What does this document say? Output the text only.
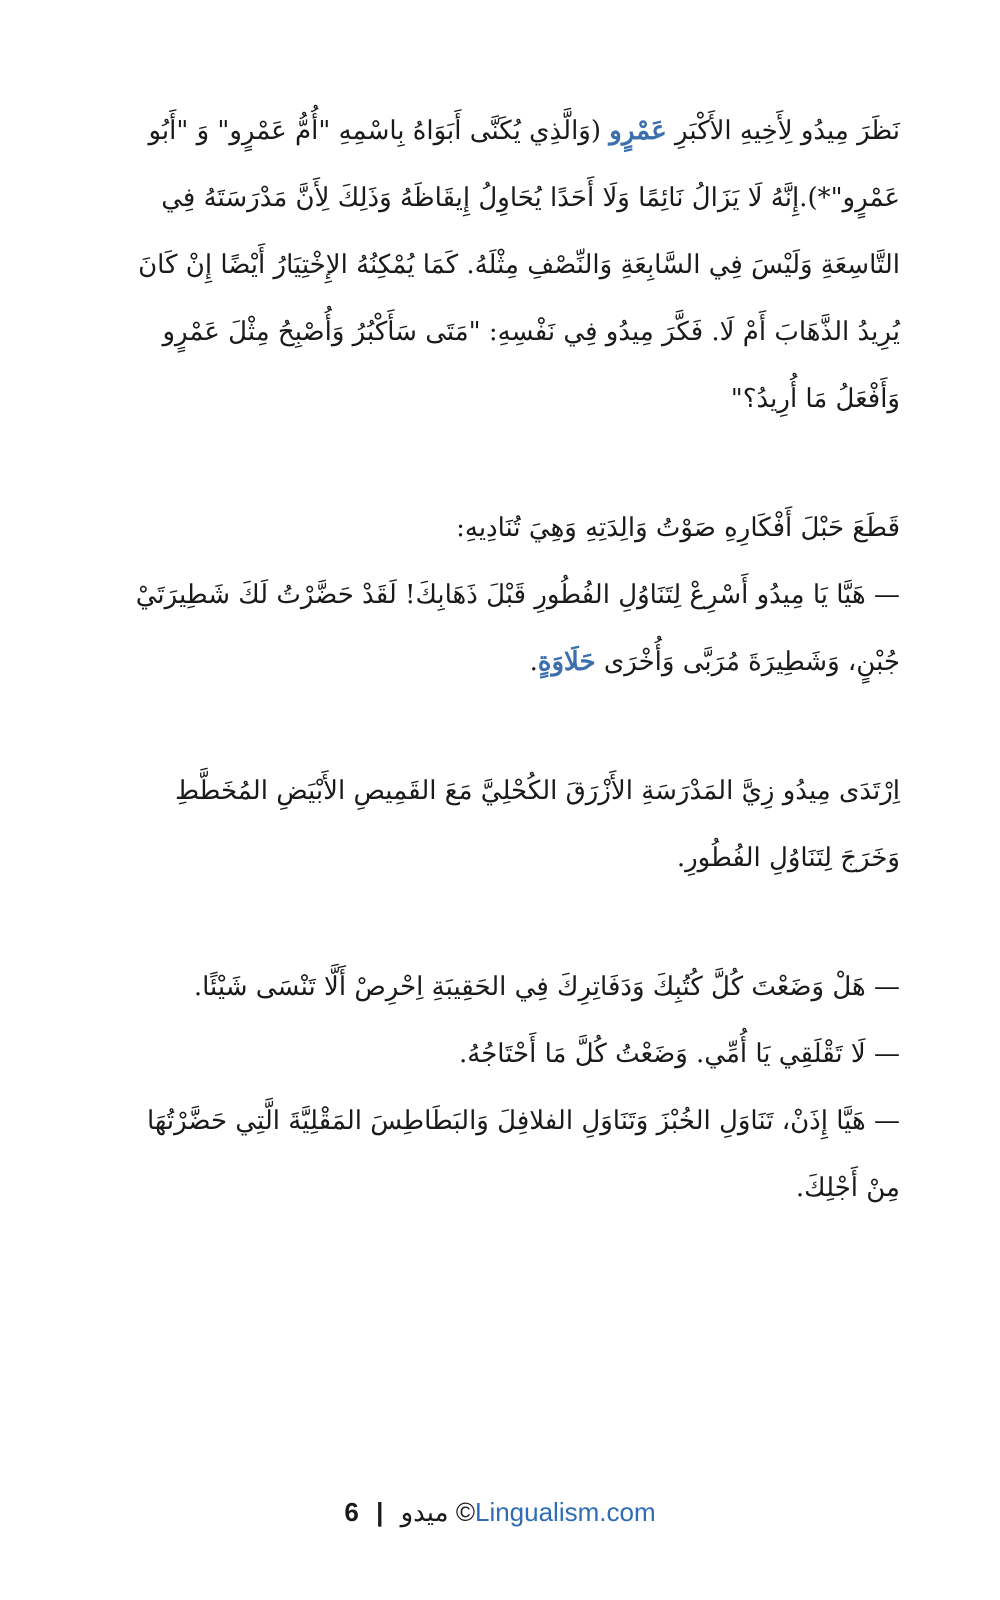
نَظَرَ مِيدُو لِأَخِيهِ الأَكْبَرِ عَمْرٍو (وَالَّذِي يُكَنَّى أَبَوَاهُ بِاسْمِهِ "أُمُّ عَمْرٍو" وَ "أَبُو عَمْرٍو"*).إِنَّهُ لَا يَزَالُ نَائِمًا وَلَا أَحَدًا يُحَاوِلُ إِيقَاظَهُ وَذَلِكَ لِأَنَّ مَدْرَسَتَهُ فِي التَّاسِعَةِ وَلَيْسَ فِي السَّابِعَةِ وَالنِّصْفِ مِثْلَهُ. كَمَا يُمْكِنُهُ الإِخْتِيَارُ أَيْضًا إِنْ كَانَ يُرِيدُ الذَّهَابَ أَمْ لَا. فَكَّرَ مِيدُو فِي نَفْسِهِ: "مَتَى سَأَكْبُرُ وَأُصْبِحُ مِثْلَ عَمْرٍو وَأَفْعَلُ مَا أُرِيدُ؟"

قَطَعَ حَبْلَ أَفْكَارِهِ صَوْتُ وَالِدَتِهِ وَهِيَ تُنَادِيهِ:

— هَيَّا يَا مِيدُو أَسْرِعْ لِتَنَاوُلِ الفُطُورِ قَبْلَ ذَهَابِكَ! لَقَدْ حَضَّرْتُ لَكَ شَطِيرَتَيْ جُبْنٍ، وَشَطِيرَةَ مُرَبَّى وَأُخْرَى حَلَاوَةٍ.

اِرْتَدَى مِيدُو زِيَّ المَدْرَسَةِ الأَزْرَقَ الكُحْلِيَّ مَعَ القَمِيصِ الأَبْيَضِ المُخَطَّطِ وَخَرَجَ لِتَنَاوُلِ الفُطُورِ.

— هَلْ وَضَعْتَ كُلَّ كُتُبِكَ وَدَفَاتِرِكَ فِي الحَقِيبَةِ اِحْرِصْ أَلَّا تَنْسَى شَيْئًا.

— لَا تَقْلَقِي يَا أُمِّي. وَضَعْتُ كُلَّ مَا أَحْتَاجُهُ.

— هَيَّا إِذَنْ، تَنَاوَلِ الخُبْزَ وَتَنَاوَلِ الفلافِلَ وَالبَطَاطِسَ المَقْلِيَّةَ الَّتِي حَضَّرْتُهَا مِنْ أَجْلِكَ.

6 | ميدو ©Lingualism.com
